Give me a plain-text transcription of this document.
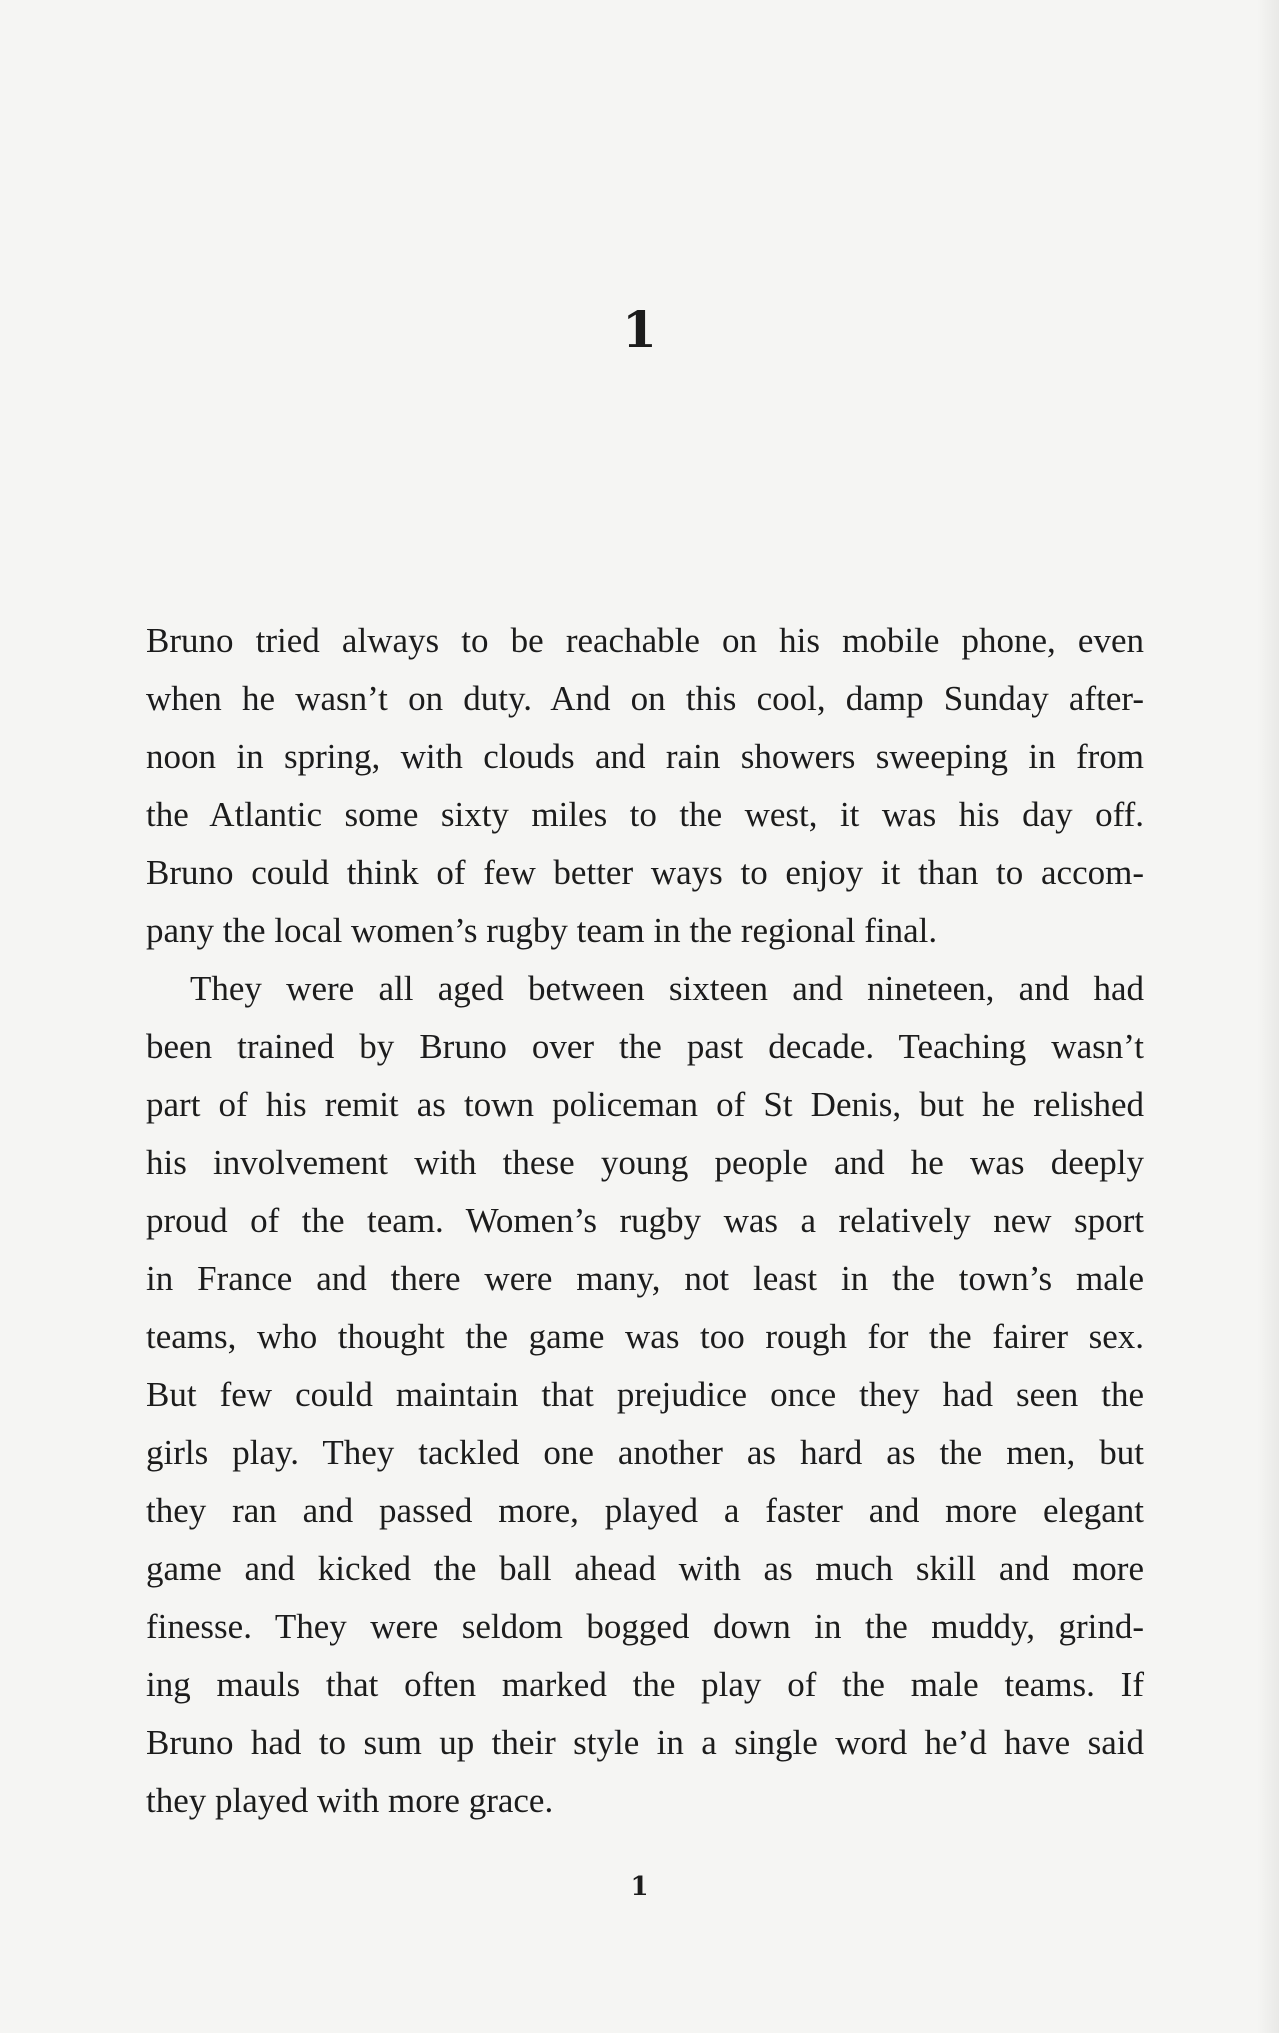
1
Bruno tried always to be reachable on his mobile phone, even
when he wasn’t on duty. And on this cool, damp Sunday after-
noon in spring, with clouds and rain showers sweeping in from
the Atlantic some sixty miles to the west, it was his day off.
Bruno could think of few better ways to enjoy it than to accom-
pany the local women’s rugby team in the regional final.
They were all aged between sixteen and nineteen, and had
been trained by Bruno over the past decade. Teaching wasn’t
part of his remit as town policeman of St Denis, but he relished
his involvement with these young people and he was deeply
proud of the team. Women’s rugby was a relatively new sport
in France and there were many, not least in the town’s male
teams, who thought the game was too rough for the fairer sex.
But few could maintain that prejudice once they had seen the
girls play. They tackled one another as hard as the men, but
they ran and passed more, played a faster and more elegant
game and kicked the ball ahead with as much skill and more
finesse. They were seldom bogged down in the muddy, grind-
ing mauls that often marked the play of the male teams. If
Bruno had to sum up their style in a single word he’d have said
they played with more grace.
1
